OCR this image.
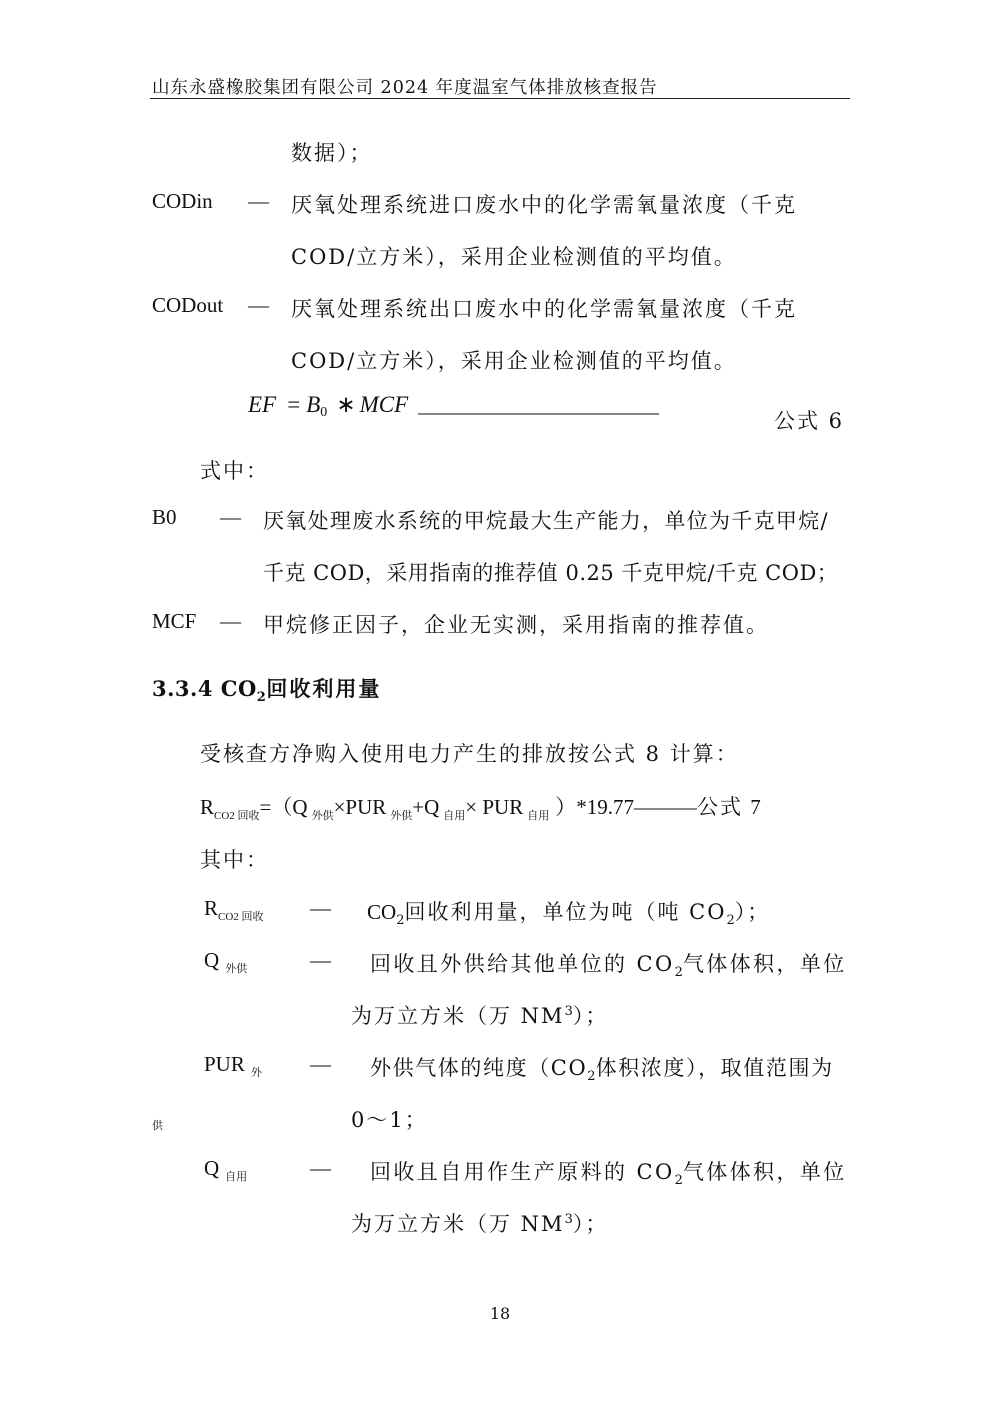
山东永盛橡胶集团有限公司 2024 年度温室气体排放核查报告
数据）；
CODin — 厌氧处理系统进口废水中的化学需氧量浓度（千克
COD/立方米），采用企业检测值的平均值。
CODout — 厌氧处理系统出口废水中的化学需氧量浓度（千克
COD/立方米），采用企业检测值的平均值。
EF = $B_0$ ∗ MCF ————————————	公式 6
式中：
B0 — 厌氧处理废水系统的甲烷最大生产能力，单位为千克甲烷/
千克 COD，采用指南的推荐值 0.25 千克甲烷/千克 COD；
MCF — 甲烷修正因子，企业无实测，采用指南的推荐值。
3.3.4 $CO_2$回收利用量
受核查方净购入使用电力产生的排放按公式 8 计算：
$R_{CO2 回收}=(Q$ $_{外供}$×PUR $_{外供}$+Q $_{自用}$× PUR $_{自用}$ ）*19.77———公式 7
其中：
$R_{CO2 回收}$ — $CO_2$回收利用量，单位为吨（吨 $CO_2$）；
Q $_{外供}$	— 回收且外供给其他单位的 $CO_2$气体体积，单位
为万立方米（万 $NM^3$）；
PUR $_外$
供
— 外供气体的纯度（$CO_2$体积浓度），取值范围为
0～1；
Q $_{自用}$	— 回收且自用作生产原料的 $CO_2$气体体积，单位
为万立方米（万 $NM^3$）；
18
